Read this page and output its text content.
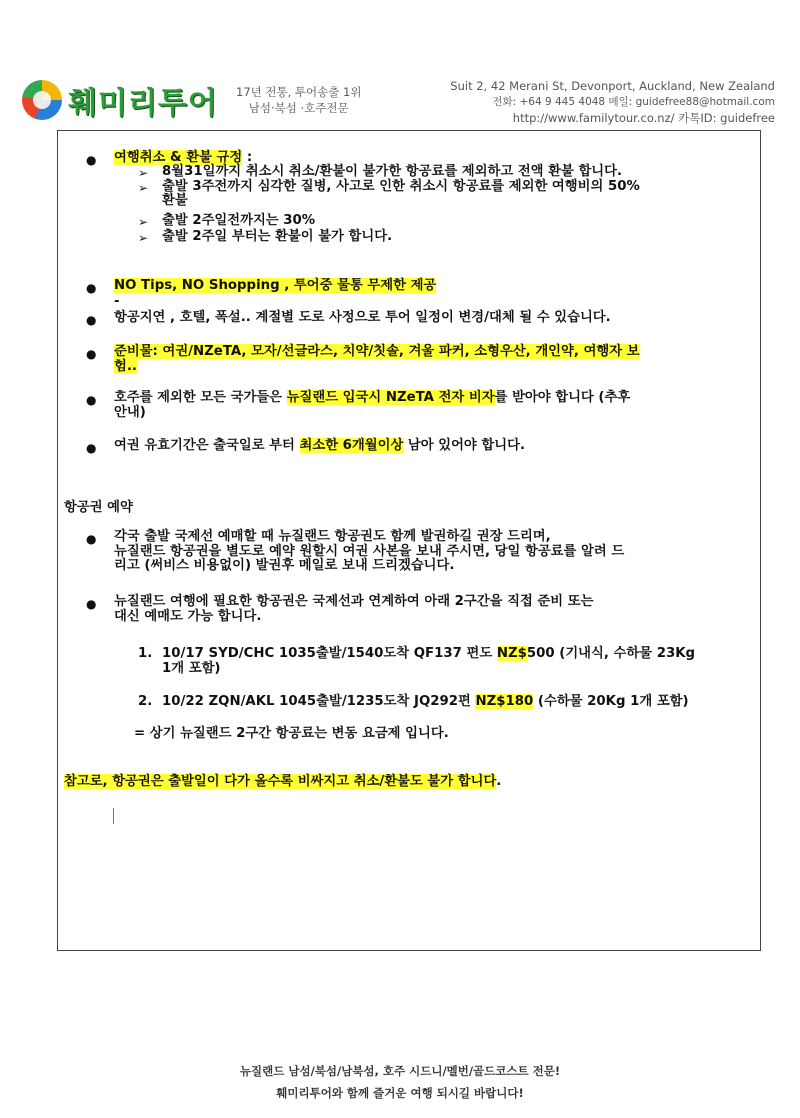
훼미리투어 17년 전통, 투어송출 1위
남섬·북섬 ·호주전문
Suit 2, 42 Merani St, Devonport, Auckland, New Zealand
전화: +64 9 445 4048 메일: guidefree88@hotmail.com
http://www.familytour.co.nz/ 카톡ID: guidefree
● 여행취소 & 환불 규정 :
➢ 8월31일까지 취소시 취소/환불이 불가한 항공료를 제외하고 전액 환불 합니다.
➢ 출발 3주전까지 심각한 질병, 사고로 인한 취소시 항공료를 제외한 여행비의 50%
환불
➢ 출발 2주일전까지는 30%
➢ 출발 2주일 부터는 환불이 불가 합니다.
● NO Tips, NO Shopping , 투어중 물통 무제한 제공
-
● 항공지연 , 호텔, 폭설.. 계절별 도로 사정으로 투어 일정이 변경/대체 될 수 있습니다.
● 준비물: 여권/NZeTA, 모자/선글라스, 치약/칫솔, 겨울 파커, 소형우산, 개인약, 여행자 보
험..
● 호주를 제외한 모든 국가들은 뉴질랜드 입국시 NZeTA 전자 비자를 받아야 합니다 (추후
안내)
● 여권 유효기간은 출국일로 부터 최소한 6개월이상 남아 있어야 합니다.
항공권 예약
● 각국 출발 국제선 예매할 때 뉴질랜드 항공권도 함께 발권하길 권장 드리며,
뉴질랜드 항공권을 별도로 예약 원할시 여권 사본을 보내 주시면, 당일 항공료를 알려 드
리고 (써비스 비용없이) 발권후 메일로 보내 드리겠습니다.
● 뉴질랜드 여행에 필요한 항공권은 국제선과 연계하여 아래 2구간을 직접 준비 또는
대신 예매도 가능 합니다.
1. 10/17 SYD/CHC 1035출발/1540도착 QF137 편도 NZ$500 (기내식, 수하물 23Kg
1개 포함)
2. 10/22 ZQN/AKL 1045출발/1235도착 JQ292편 NZ$180 (수하물 20Kg 1개 포함)
= 상기 뉴질랜드 2구간 항공료는 변동 요금제 입니다.
참고로, 항공권은 출발일이 다가 올수록 비싸지고 취소/환불도 불가 합니다.
뉴질랜드 남섬/북섬/남북섬, 호주 시드니/멜번/골드코스트 전문!
훼미리투어와 함께 즐거운 여행 되시길 바랍니다!
